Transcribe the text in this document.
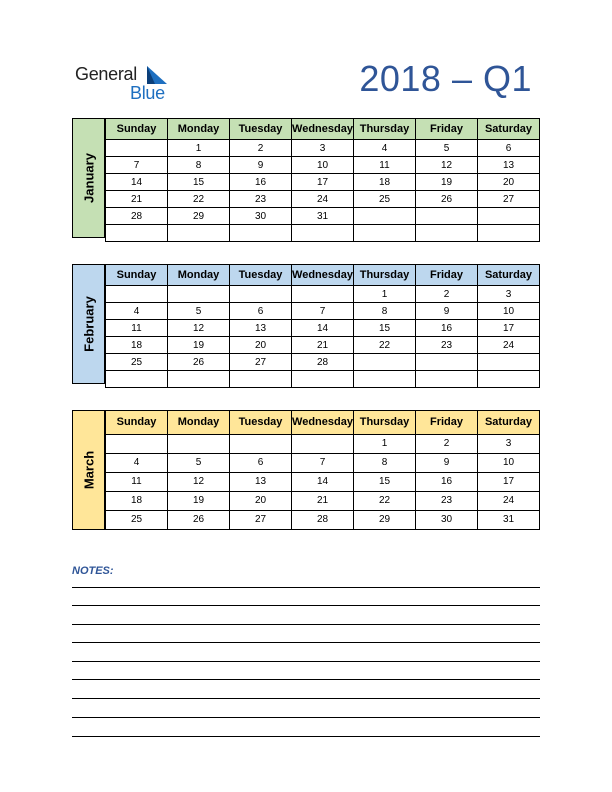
General
Blue	2018 – Q1
January
Sunday	Monday	Tuesday	Wednesday	Thursday	Friday	Saturday
	1	2	3	4	5	6
7	8	9	10	11	12	13
14	15	16	17	18	19	20
21	22	23	24	25	26	27
28	29	30	31			

February
Sunday	Monday	Tuesday	Wednesday	Thursday	Friday	Saturday
				1	2	3
4	5	6	7	8	9	10
11	12	13	14	15	16	17
18	19	20	21	22	23	24
25	26	27	28			

March
Sunday	Monday	Tuesday	Wednesday	Thursday	Friday	Saturday
				1	2	3
4	5	6	7	8	9	10
11	12	13	14	15	16	17
18	19	20	21	22	23	24
25	26	27	28	29	30	31
NOTES:
